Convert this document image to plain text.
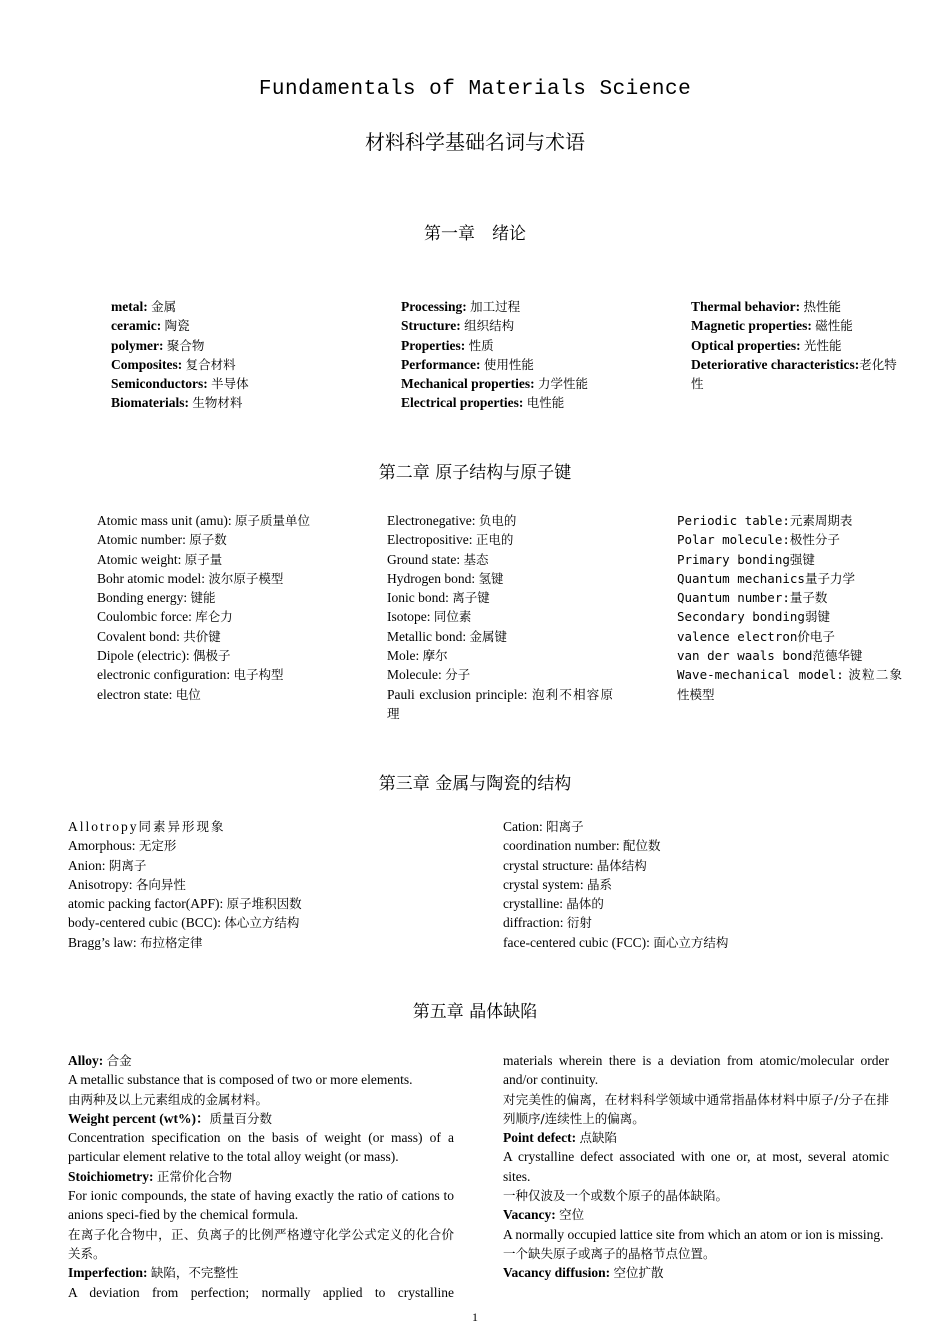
Fundamentals of Materials Science
材料科学基础名词与术语
第一章　绪论
metal: 金属
ceramic: 陶瓷
polymer: 聚合物
Composites: 复合材料
Semiconductors: 半导体
Biomaterials: 生物材料
Processing: 加工过程
Structure: 组织结构
Properties: 性质
Performance: 使用性能
Mechanical properties: 力学性能
Electrical properties: 电性能
Thermal behavior: 热性能
Magnetic properties: 磁性能
Optical properties: 光性能
Deteriorative characteristics:老化特性
第二章 原子结构与原子键
Atomic mass unit (amu): 原子质量单位
Atomic number: 原子数
Atomic weight: 原子量
Bohr atomic model: 波尔原子模型
Bonding energy: 键能
Coulombic force: 库仑力
Covalent bond: 共价键
Dipole (electric): 偶极子
electronic configuration: 电子构型
electron state: 电位
Electronegative: 负电的
Electropositive: 正电的
Ground state: 基态
Hydrogen bond: 氢键
Ionic bond: 离子键
Isotope: 同位素
Metallic bond: 金属键
Mole: 摩尔
Molecule: 分子
Pauli exclusion principle: 泡利不相容原理
Periodic table:元素周期表
Polar molecule:极性分子
Primary bonding强键
Quantum mechanics量子力学
Quantum number:量子数
Secondary bonding弱键
valence electron价电子
van der waals bond范德华键
Wave-mechanical model: 波粒二象性模型
第三章 金属与陶瓷的结构
Allotropy同素异形现象
Amorphous: 无定形
Anion: 阴离子
Anisotropy: 各向异性
atomic packing factor(APF): 原子堆积因数
body-centered cubic (BCC): 体心立方结构
Bragg’s law: 布拉格定律
Cation: 阳离子
coordination number: 配位数
crystal structure: 晶体结构
crystal system: 晶系
crystalline: 晶体的
diffraction: 衍射
face-centered cubic (FCC): 面心立方结构
第五章 晶体缺陷
Alloy: 合金
A metallic substance that is composed of two or more elements.
由两种及以上元素组成的金属材料。
Weight percent (wt%)：质量百分数
Concentration specification on the basis of weight (or mass) of a particular element relative to the total alloy weight (or mass).
Stoichiometry: 正常价化合物
For ionic compounds, the state of having exactly the ratio of cations to anions speci-fied by the chemical formula.
在离子化合物中，正、负离子的比例严格遵守化学公式定义的化合价关系。
Imperfection: 缺陷，不完整性
A deviation from perfection; normally applied to crystalline
materials wherein there is a deviation from atomic/molecular order and/or continuity.
对完美性的偏离，在材料科学领域中通常指晶体材料中原子/分子在排列顺序/连续性上的偏离。
Point defect: 点缺陷
A crystalline defect associated with one or, at most, several atomic sites.
一种仅波及一个或数个原子的晶体缺陷。
Vacancy: 空位
A normally occupied lattice site from which an atom or ion is missing.
一个缺失原子或离子的晶格节点位置。
Vacancy diffusion: 空位扩散
1
